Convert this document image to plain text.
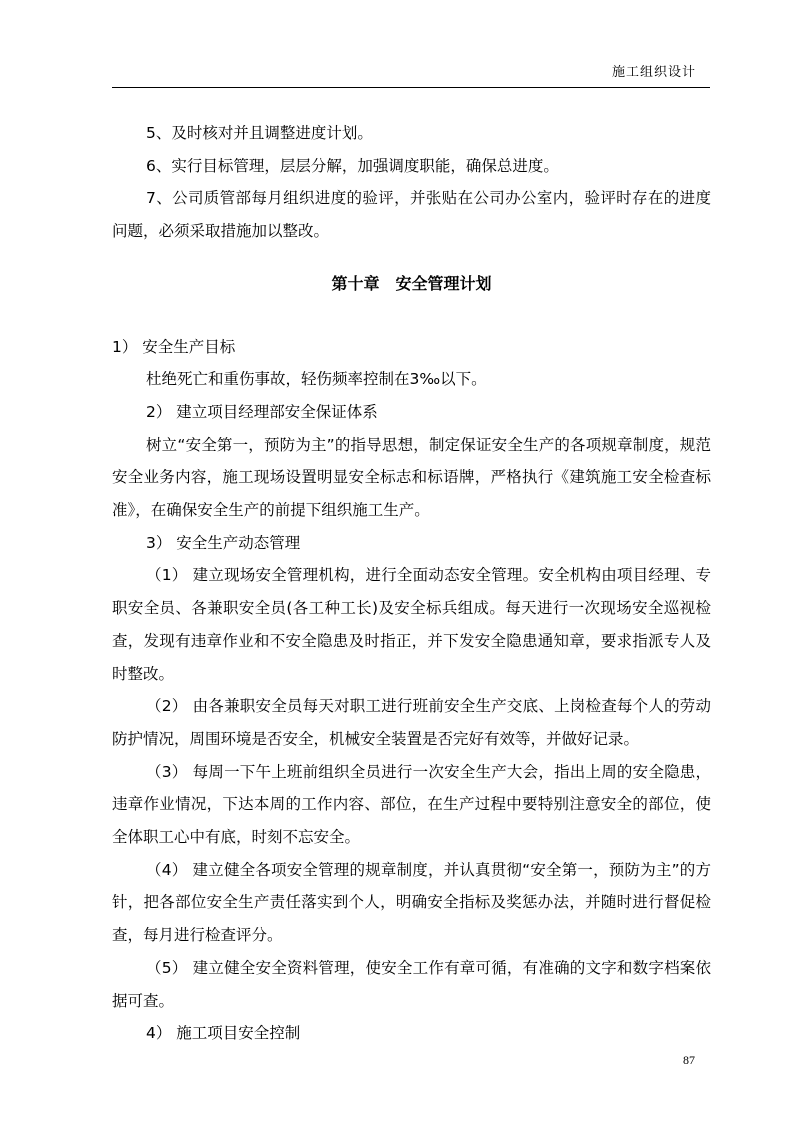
施工组织设计

5、及时核对并且调整进度计划。

6、实行目标管理，层层分解，加强调度职能，确保总进度。

7、公司质管部每月组织进度的验评，并张贴在公司办公室内，验评时存在的进度问题，必须采取措施加以整改。

第十章　安全管理计划

1） 安全生产目标

杜绝死亡和重伤事故，轻伤频率控制在3‰以下。

2） 建立项目经理部安全保证体系

树立“安全第一，预防为主”的指导思想，制定保证安全生产的各项规章制度，规范安全业务内容，施工现场设置明显安全标志和标语牌，严格执行《建筑施工安全检查标准》，在确保安全生产的前提下组织施工生产。

3） 安全生产动态管理

（1） 建立现场安全管理机构，进行全面动态安全管理。安全机构由项目经理、专职安全员、各兼职安全员(各工种工长)及安全标兵组成。每天进行一次现场安全巡视检查，发现有违章作业和不安全隐患及时指正，并下发安全隐患通知章，要求指派专人及时整改。

（2） 由各兼职安全员每天对职工进行班前安全生产交底、上岗检查每个人的劳动防护情况，周围环境是否安全，机械安全装置是否完好有效等，并做好记录。

（3） 每周一下午上班前组织全员进行一次安全生产大会，指出上周的安全隐患，违章作业情况，下达本周的工作内容、部位，在生产过程中要特别注意安全的部位，使全体职工心中有底，时刻不忘安全。

（4） 建立健全各项安全管理的规章制度，并认真贯彻“安全第一，预防为主”的方针，把各部位安全生产责任落实到个人，明确安全指标及奖惩办法，并随时进行督促检查，每月进行检查评分。

（5） 建立健全安全资料管理，使安全工作有章可循，有准确的文字和数字档案依据可查。

4） 施工项目安全控制

87
